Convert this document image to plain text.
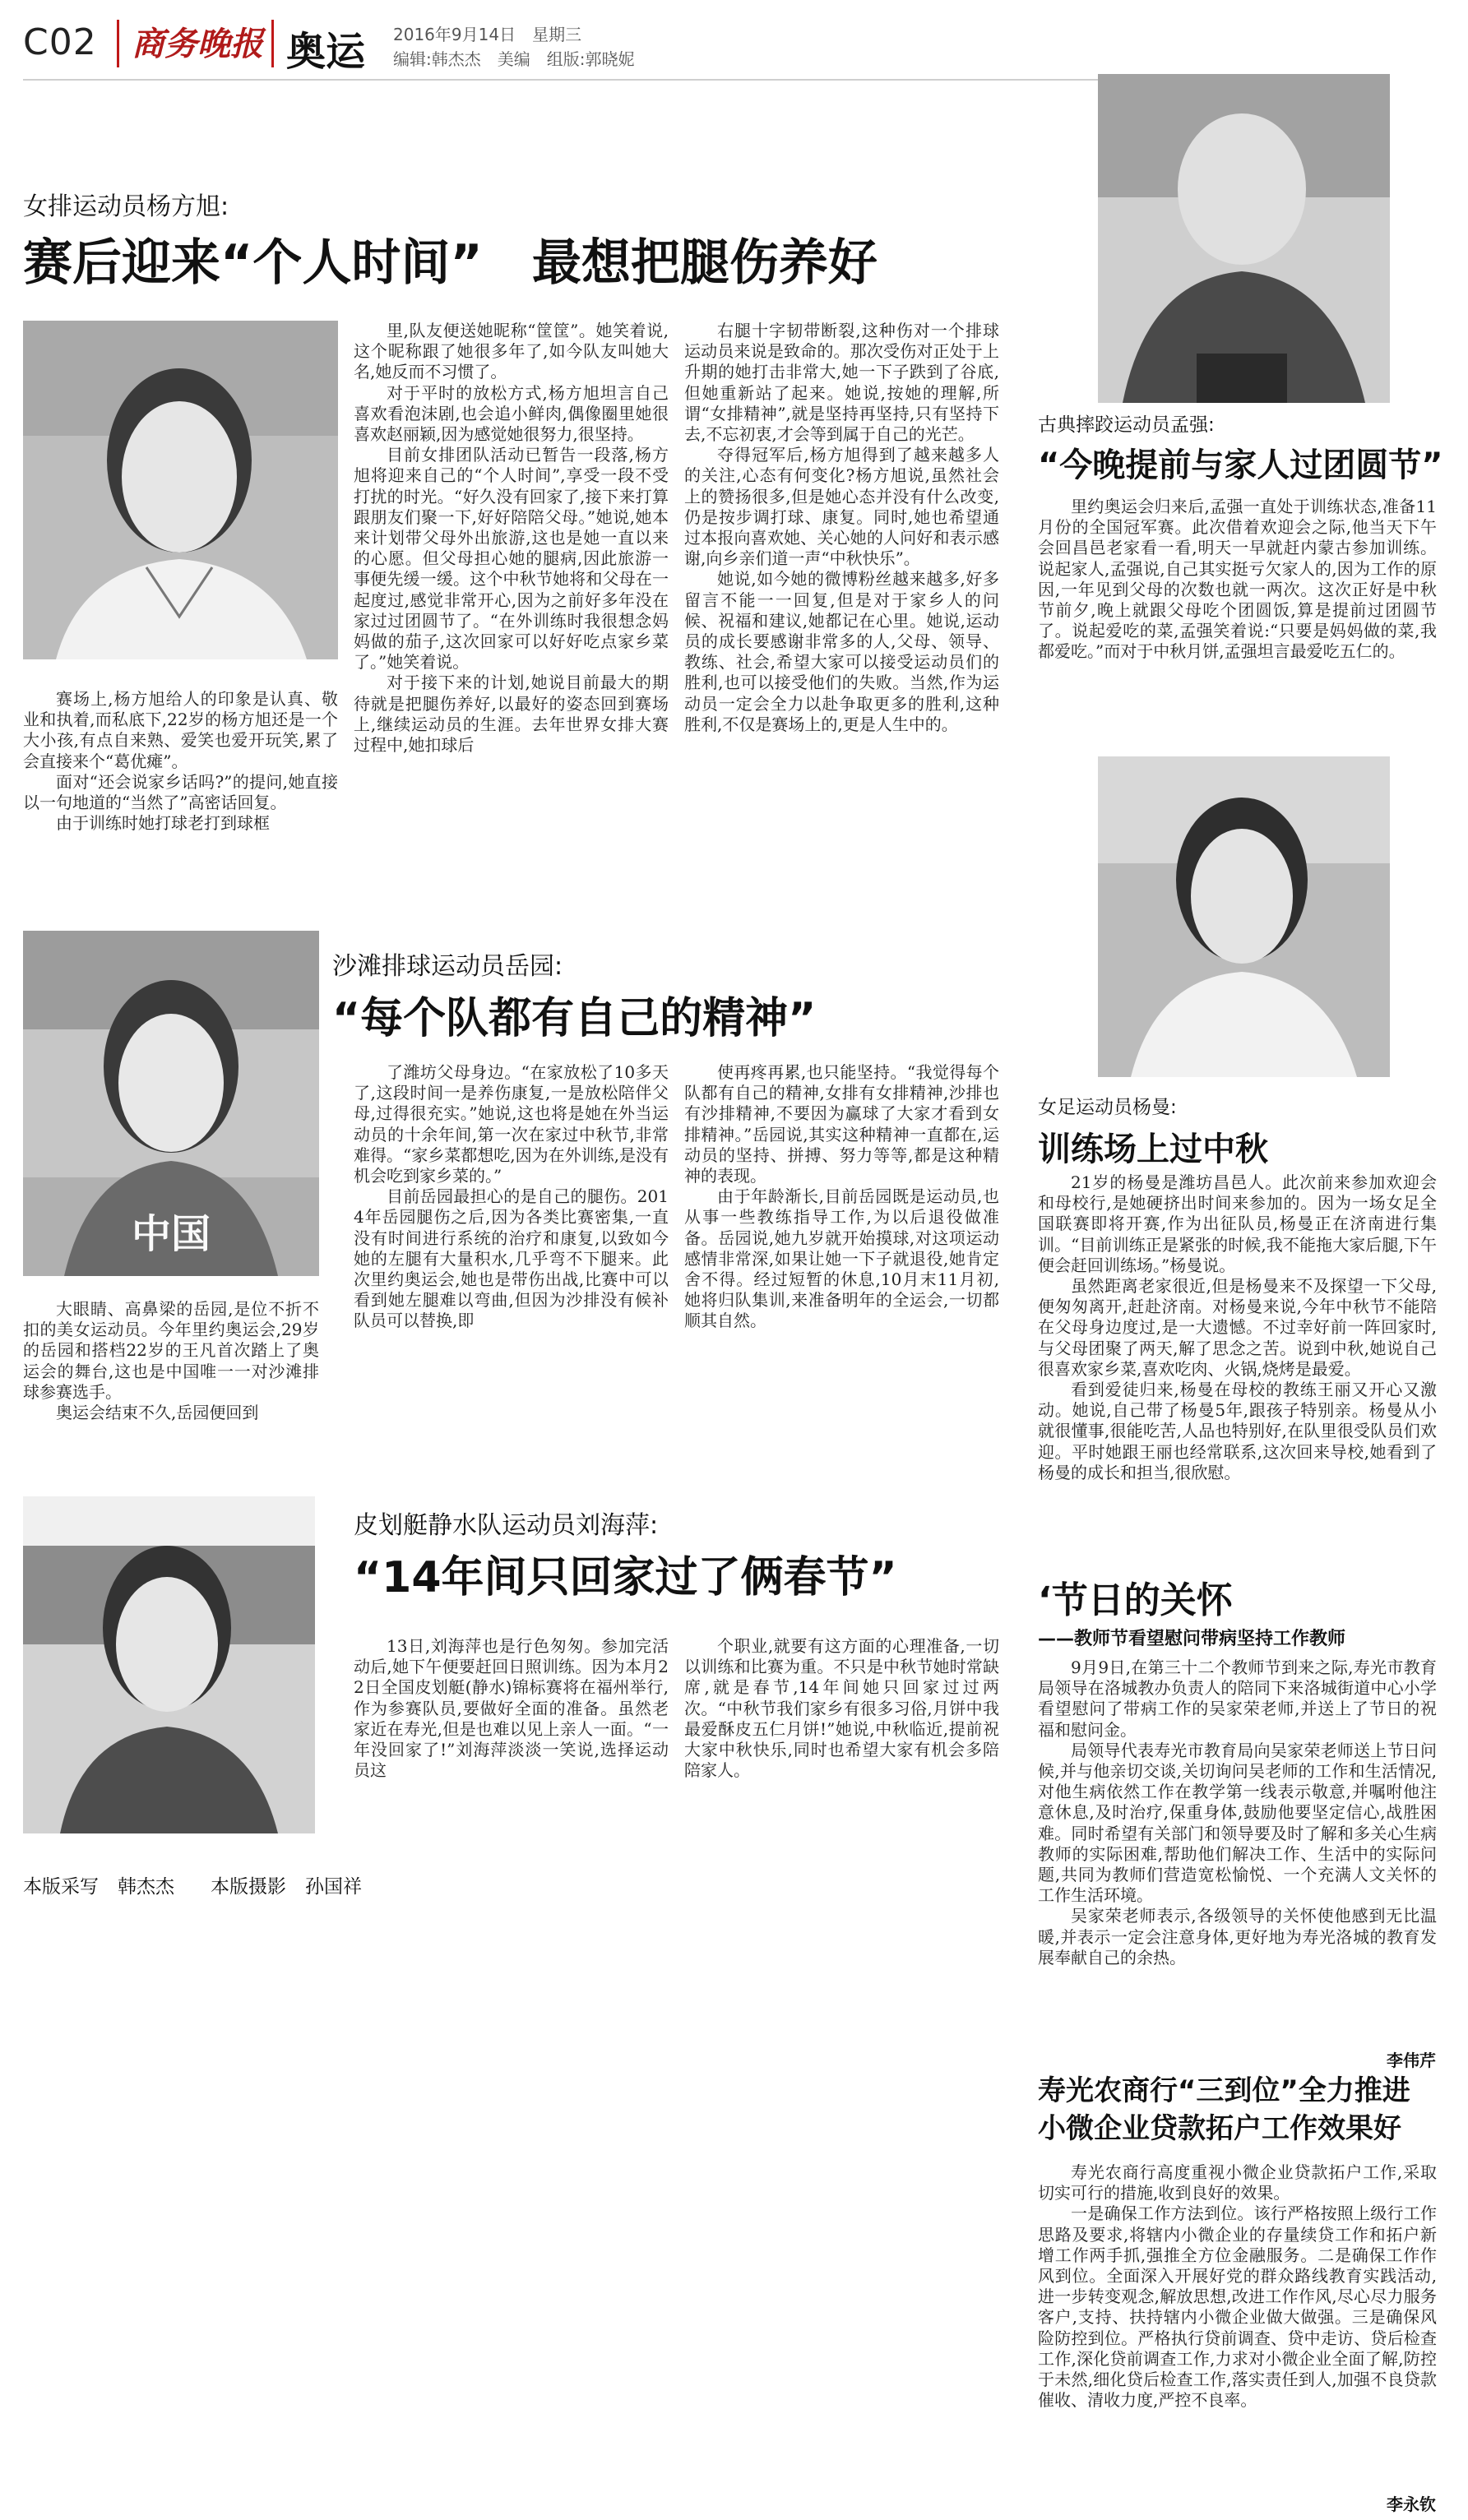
C02 商务晚报 奥运 2016年9月14日　星期三
编辑:韩杰杰　美编　组版:郭晓妮
女排运动员杨方旭:
赛后迎来“个人时间”　最想把腿伤养好

赛场上,杨方旭给人的印象是认真、敬业和执着,而私底下,22岁的杨方旭还是一个大小孩,有点自来熟、爱笑也爱开玩笑,累了会直接来个“葛优瘫”。

面对“还会说家乡话吗?”的提问,她直接以一句地道的“当然了”高密话回复。

由于训练时她打球老打到球框

里,队友便送她昵称“筐筐”。她笑着说,这个昵称跟了她很多年了,如今队友叫她大名,她反而不习惯了。

对于平时的放松方式,杨方旭坦言自己喜欢看泡沫剧,也会追小鲜肉,偶像圈里她很喜欢赵丽颖,因为感觉她很努力,很坚持。

目前女排团队活动已暂告一段落,杨方旭将迎来自己的“个人时间”,享受一段不受打扰的时光。“好久没有回家了,接下来打算跟朋友们聚一下,好好陪陪父母。”她说,她本来计划带父母外出旅游,这也是她一直以来的心愿。但父母担心她的腿病,因此旅游一事便先缓一缓。这个中秋节她将和父母在一起度过,感觉非常开心,因为之前好多年没在家过过团圆节了。“在外训练时我很想念妈妈做的茄子,这次回家可以好好吃点家乡菜了。”她笑着说。

对于接下来的计划,她说目前最大的期待就是把腿伤养好,以最好的姿态回到赛场上,继续运动员的生涯。去年世界女排大赛过程中,她扣球后

右腿十字韧带断裂,这种伤对一个排球运动员来说是致命的。那次受伤对正处于上升期的她打击非常大,她一下子跌到了谷底,但她重新站了起来。她说,按她的理解,所谓“女排精神”,就是坚持再坚持,只有坚持下去,不忘初衷,才会等到属于自己的光芒。

夺得冠军后,杨方旭得到了越来越多人的关注,心态有何变化?杨方旭说,虽然社会上的赞扬很多,但是她心态并没有什么改变,仍是按步调打球、康复。同时,她也希望通过本报向喜欢她、关心她的人问好和表示感谢,向乡亲们道一声“中秋快乐”。

她说,如今她的微博粉丝越来越多,好多留言不能一一回复,但是对于家乡人的问候、祝福和建议,她都记在心里。她说,运动员的成长要感谢非常多的人,父母、领导、教练、社会,希望大家可以接受运动员们的胜利,也可以接受他们的失败。当然,作为运动员一定会全力以赴争取更多的胜利,这种胜利,不仅是赛场上的,更是人生中的。

中国
沙滩排球运动员岳园:
“每个队都有自己的精神”

大眼睛、高鼻梁的岳园,是位不折不扣的美女运动员。今年里约奥运会,29岁的岳园和搭档22岁的王凡首次踏上了奥运会的舞台,这也是中国唯一一对沙滩排球参赛选手。

奥运会结束不久,岳园便回到

了潍坊父母身边。“在家放松了10多天了,这段时间一是养伤康复,一是放松陪伴父母,过得很充实。”她说,这也将是她在外当运动员的十余年间,第一次在家过中秋节,非常难得。“家乡菜都想吃,因为在外训练,是没有机会吃到家乡菜的。”

目前岳园最担心的是自己的腿伤。2014年岳园腿伤之后,因为各类比赛密集,一直没有时间进行系统的治疗和康复,以致如今她的左腿有大量积水,几乎弯不下腿来。此次里约奥运会,她也是带伤出战,比赛中可以看到她左腿难以弯曲,但因为沙排没有候补队员可以替换,即

使再疼再累,也只能坚持。“我觉得每个队都有自己的精神,女排有女排精神,沙排也有沙排精神,不要因为赢球了大家才看到女排精神。”岳园说,其实这种精神一直都在,运动员的坚持、拼搏、努力等等,都是这种精神的表现。

由于年龄渐长,目前岳园既是运动员,也从事一些教练指导工作,为以后退役做准备。岳园说,她九岁就开始摸球,对这项运动感情非常深,如果让她一下子就退役,她肯定舍不得。经过短暂的休息,10月末11月初,她将归队集训,来准备明年的全运会,一切都顺其自然。

皮划艇静水队运动员刘海萍:
“14年间只回家过了俩春节”

13日,刘海萍也是行色匆匆。参加完活动后,她下午便要赶回日照训练。因为本月22日全国皮划艇(静水)锦标赛将在福州举行,作为参赛队员,要做好全面的准备。虽然老家近在寿光,但是也难以见上亲人一面。“一年没回家了!”刘海萍淡淡一笑说,选择运动员这

个职业,就要有这方面的心理准备,一切以训练和比赛为重。不只是中秋节她时常缺席,就是春节,14年间她只回家过过两次。“中秋节我们家乡有很多习俗,月饼中我最爱酥皮五仁月饼!”她说,中秋临近,提前祝大家中秋快乐,同时也希望大家有机会多陪陪家人。

本版采写　韩杰杰 本版摄影　孙国祥
古典摔跤运动员孟强:
“今晚提前与家人过团圆节”

里约奥运会归来后,孟强一直处于训练状态,准备11月份的全国冠军赛。此次借着欢迎会之际,他当天下午会回昌邑老家看一看,明天一早就赶内蒙古参加训练。说起家人,孟强说,自己其实挺亏欠家人的,因为工作的原因,一年见到父母的次数也就一两次。这次正好是中秋节前夕,晚上就跟父母吃个团圆饭,算是提前过团圆节了。说起爱吃的菜,孟强笑着说:“只要是妈妈做的菜,我都爱吃。”而对于中秋月饼,孟强坦言最爱吃五仁的。

女足运动员杨曼:
训练场上过中秋

21岁的杨曼是潍坊昌邑人。此次前来参加欢迎会和母校行,是她硬挤出时间来参加的。因为一场女足全国联赛即将开赛,作为出征队员,杨曼正在济南进行集训。“目前训练正是紧张的时候,我不能拖大家后腿,下午便会赶回训练场。”杨曼说。

虽然距离老家很近,但是杨曼来不及探望一下父母,便匆匆离开,赶赴济南。对杨曼来说,今年中秋节不能陪在父母身边度过,是一大遗憾。不过幸好前一阵回家时,与父母团聚了两天,解了思念之苦。说到中秋,她说自己很喜欢家乡菜,喜欢吃肉、火锅,烧烤是最爱。

看到爱徒归来,杨曼在母校的教练王丽又开心又激动。她说,自己带了杨曼5年,跟孩子特别亲。杨曼从小就很懂事,很能吃苦,人品也特别好,在队里很受队员们欢迎。平时她跟王丽也经常联系,这次回来导校,她看到了杨曼的成长和担当,很欣慰。

‘节日的关怀
——教师节看望慰问带病坚持工作教师

9月9日,在第三十二个教师节到来之际,寿光市教育局领导在洛城教办负责人的陪同下来洛城街道中心小学看望慰问了带病工作的吴家荣老师,并送上了节日的祝福和慰问金。

局领导代表寿光市教育局向吴家荣老师送上节日问候,并与他亲切交谈,关切询问吴老师的工作和生活情况,对他生病依然工作在教学第一线表示敬意,并嘱咐他注意休息,及时治疗,保重身体,鼓励他要坚定信心,战胜困难。同时希望有关部门和领导要及时了解和多关心生病教师的实际困难,帮助他们解决工作、生活中的实际问题,共同为教师们营造宽松愉悦、一个充满人文关怀的工作生活环境。

吴家荣老师表示,各级领导的关怀使他感到无比温暖,并表示一定会注意身体,更好地为寿光洛城的教育发展奉献自己的余热。

李伟芹
寿光农商行“三到位”全力推进小微企业贷款拓户工作效果好

寿光农商行高度重视小微企业贷款拓户工作,采取切实可行的措施,收到良好的效果。

一是确保工作方法到位。该行严格按照上级行工作思路及要求,将辖内小微企业的存量续贷工作和拓户新增工作两手抓,强推全方位金融服务。二是确保工作作风到位。全面深入开展好党的群众路线教育实践活动,进一步转变观念,解放思想,改进工作作风,尽心尽力服务客户,支持、扶持辖内小微企业做大做强。三是确保风险防控到位。严格执行贷前调查、贷中走访、贷后检查工作,深化贷前调查工作,力求对小微企业全面了解,防控于未然,细化贷后检查工作,落实责任到人,加强不良贷款催收、清收力度,严控不良率。

李永钦
